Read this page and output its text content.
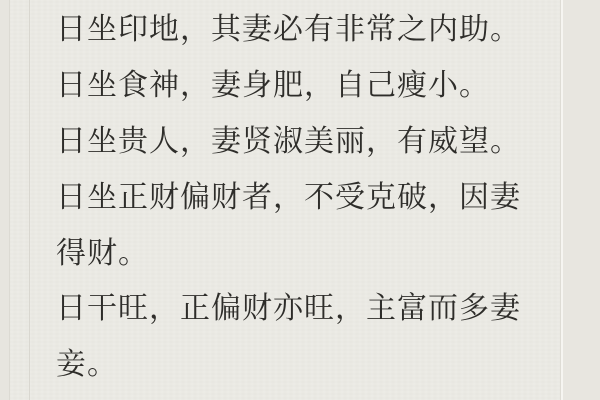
日坐印地，其妻必有非常之内助。
日坐食神，妻身肥，自己瘦小。
日坐贵人，妻贤淑美丽，有威望。
日坐正财偏财者，不受克破，因妻
得财。
日干旺，正偏财亦旺，主富而多妻
妾。
